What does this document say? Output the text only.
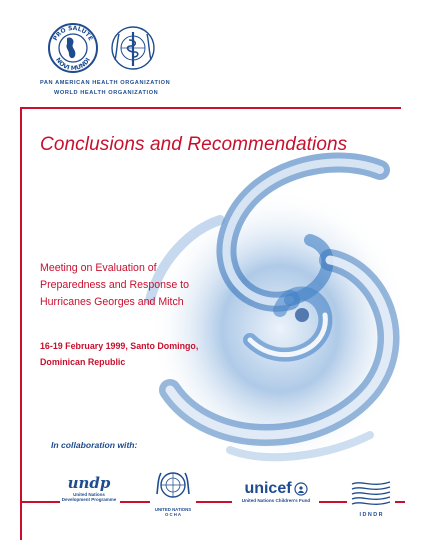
PRO SALUTE
NOVI MUNDI
PAN AMERICAN HEALTH ORGANIZATION
WORLD HEALTH ORGANIZATION
Conclusions and Recommendations
Meeting on Evaluation of
Preparedness and Response to
Hurricanes Georges and Mitch
16-19 February 1999, Santo Domingo,
Dominican Republic
In collaboration with:
undp
United Nations
Development Programme
UNITED NATIONS
O C H A
unicef
United Nations Children's Fund
I D N D R
